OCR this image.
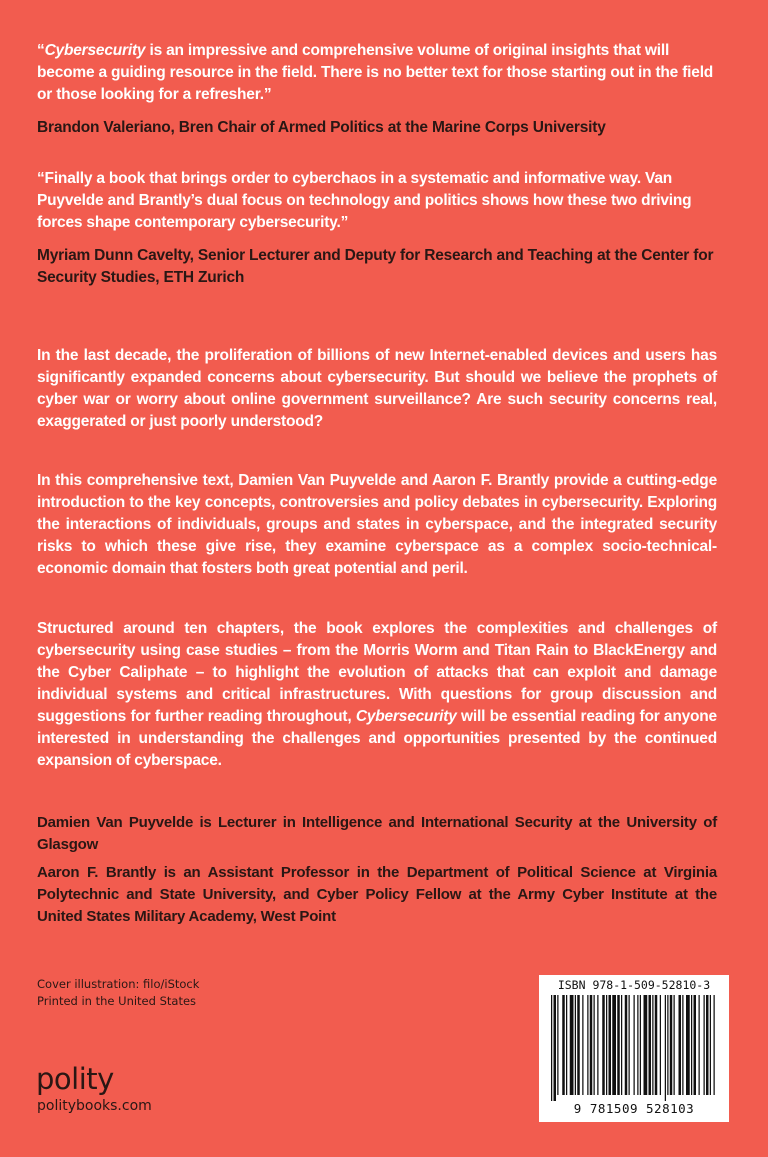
“Cybersecurity is an impressive and comprehensive volume of original insights that will become a guiding resource in the field. There is no better text for those starting out in the field or those looking for a refresher.”

Brandon Valeriano, Bren Chair of Armed Politics at the Marine Corps University

“Finally a book that brings order to cyberchaos in a systematic and informative way. Van Puyvelde and Brantly’s dual focus on technology and politics shows how these two driving forces shape contemporary cybersecurity.”

Myriam Dunn Cavelty, Senior Lecturer and Deputy for Research and Teaching at the Center for Security Studies, ETH Zurich

In the last decade, the proliferation of billions of new Internet-enabled devices and users has significantly expanded concerns about cybersecurity. But should we believe the prophets of cyber war or worry about online government surveillance? Are such security concerns real, exaggerated or just poorly understood?

In this comprehensive text, Damien Van Puyvelde and Aaron F. Brantly provide a cutting-edge introduction to the key concepts, controversies and policy debates in cybersecurity. Exploring the interactions of individuals, groups and states in cyberspace, and the integrated security risks to which these give rise, they examine cyberspace as a complex socio-technical-economic domain that fosters both great potential and peril.

Structured around ten chapters, the book explores the complexities and challenges of cybersecurity using case studies – from the Morris Worm and Titan Rain to BlackEnergy and the Cyber Caliphate – to highlight the evolution of attacks that can exploit and damage individual systems and critical infrastructures. With questions for group discussion and suggestions for further reading throughout, Cybersecurity will be essential reading for anyone interested in understanding the challenges and opportunities presented by the continued expansion of cyberspace.

Damien Van Puyvelde is Lecturer in Intelligence and International Security at the University of Glasgow

Aaron F. Brantly is an Assistant Professor in the Department of Political Science at Virginia Polytechnic and State University, and Cyber Policy Fellow at the Army Cyber Institute at the United States Military Academy, West Point

Cover illustration: filo/iStock
Printed in the United States
polity
politybooks.com
ISBN 978-1-509-52810-3
9 781509 528103
